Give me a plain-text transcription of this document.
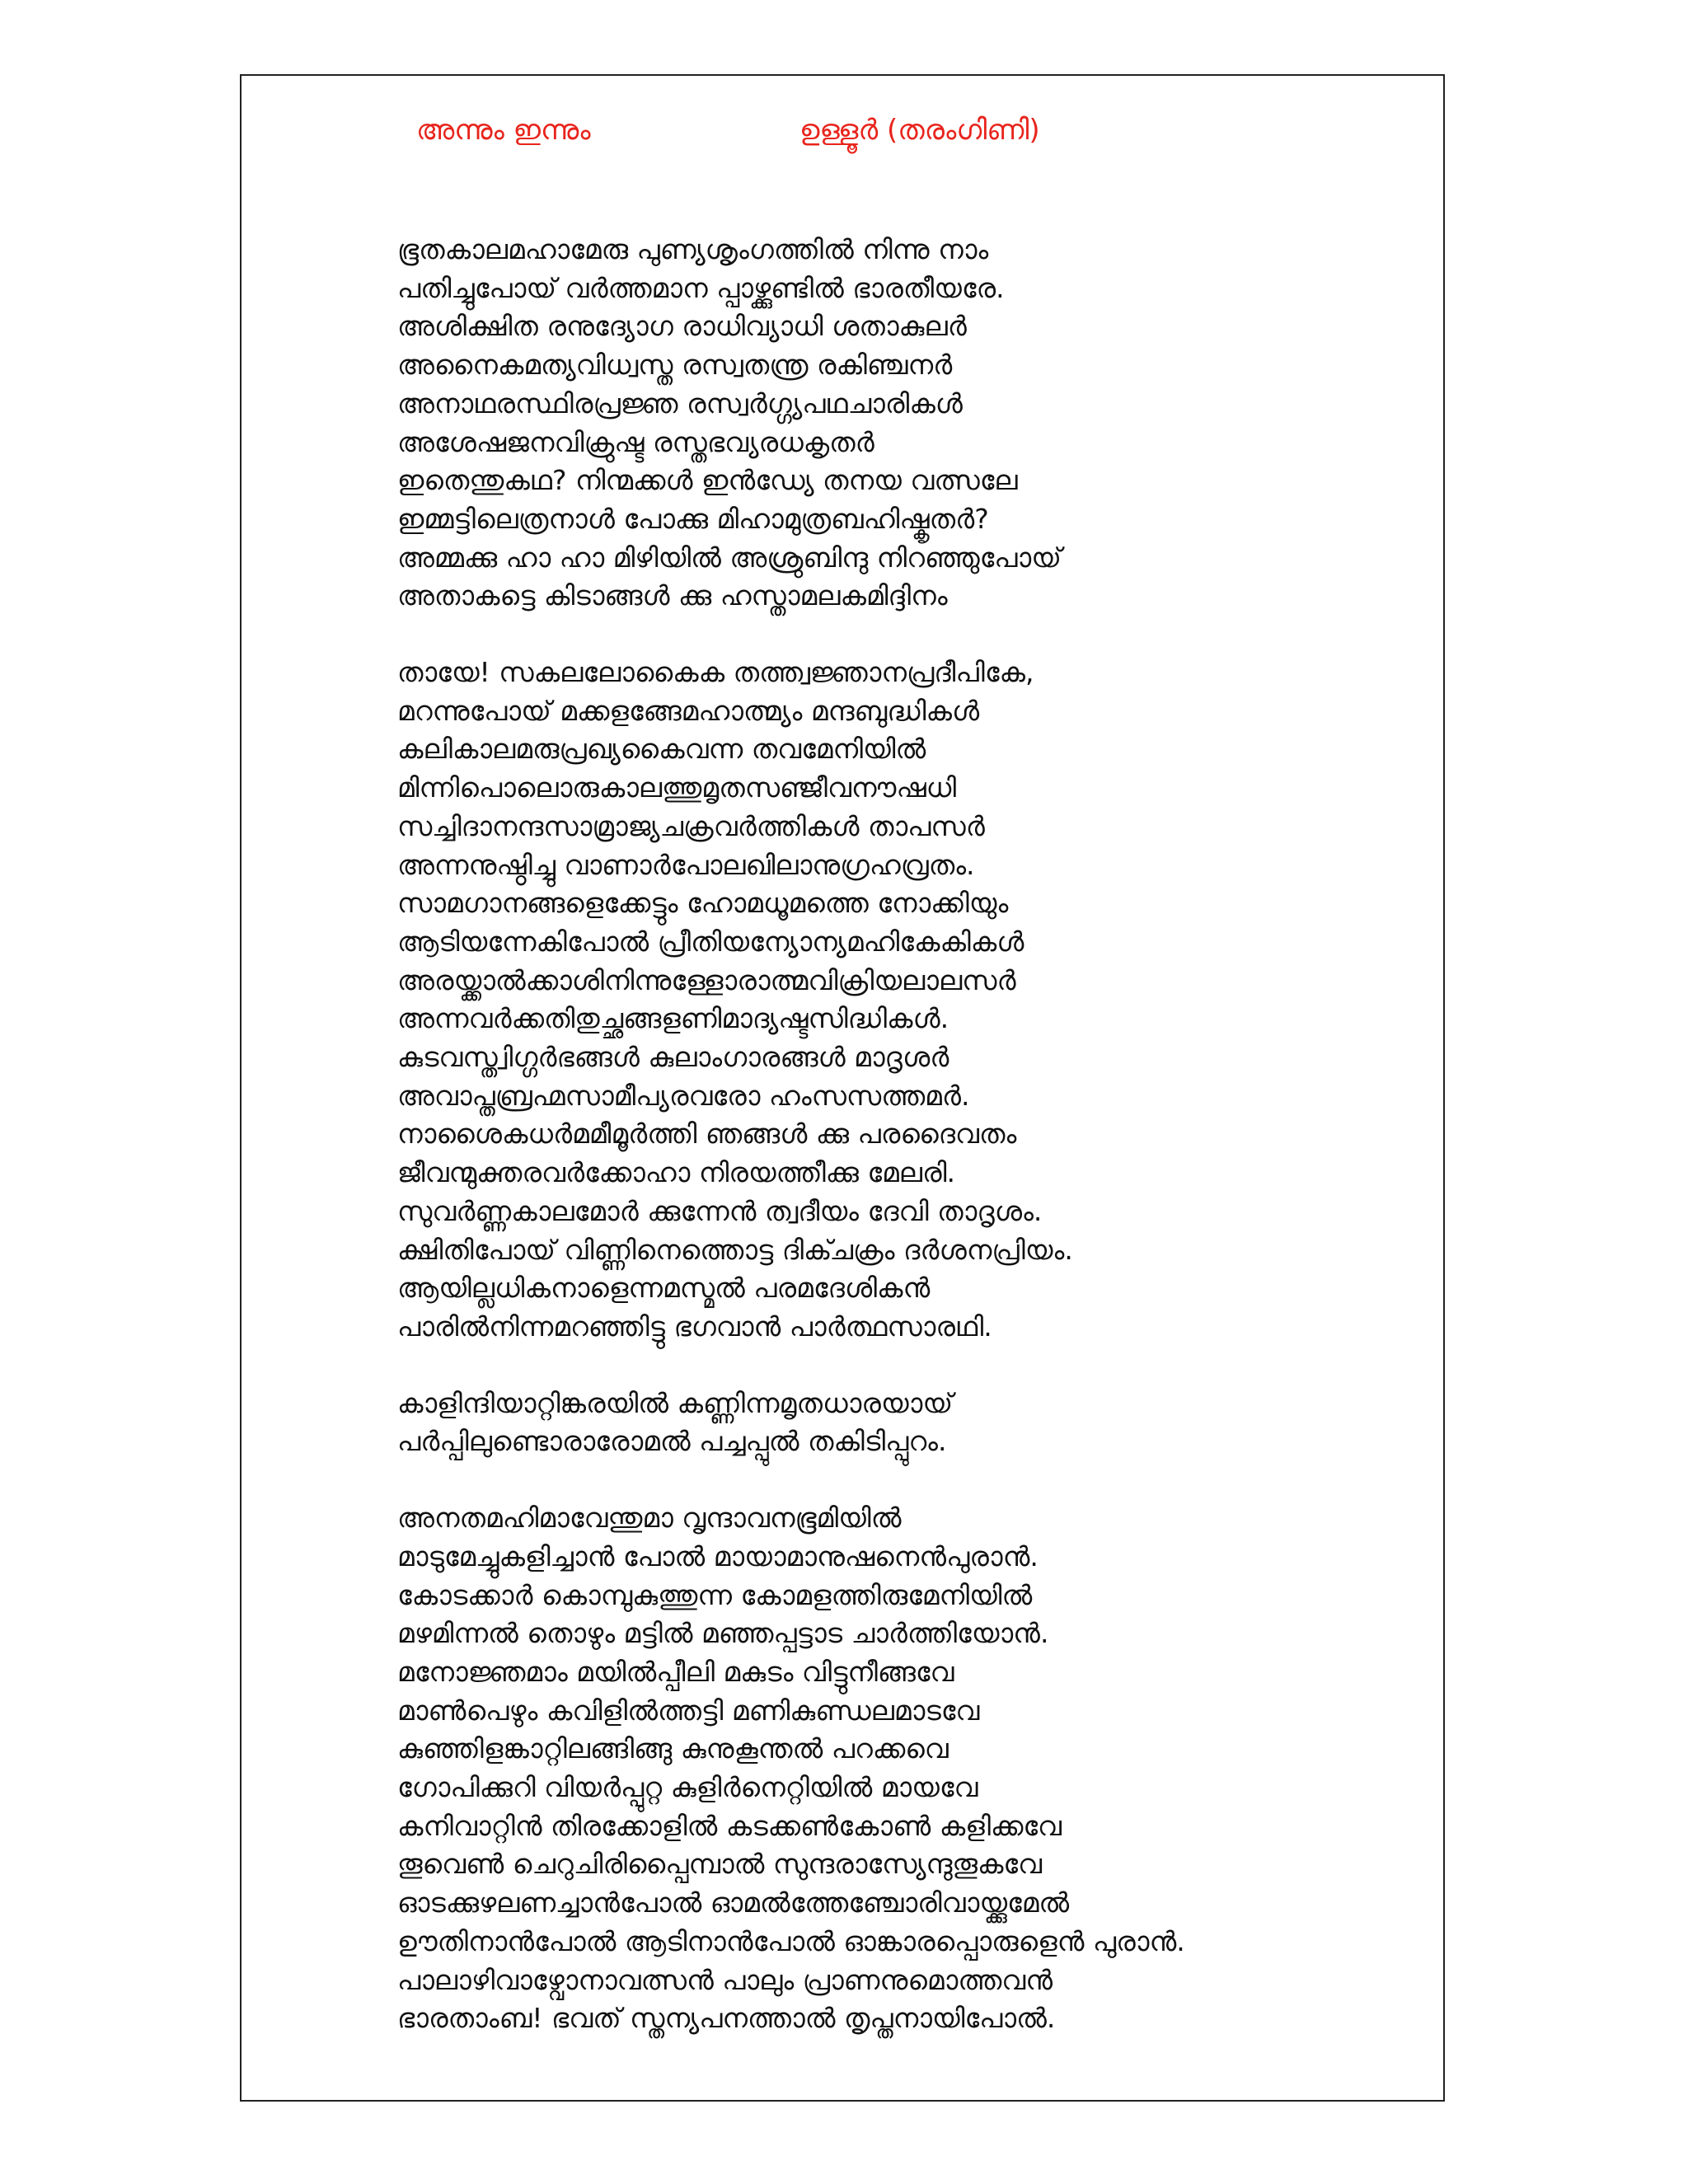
അന്നും ഇന്നും	ഉള്ളൂർ (തരംഗിണി)
ഭൂതകാലമഹാമേരു പുണ്യശൃംഗത്തിൽ നിന്നു നാം
പതിച്ചുപോയ് വർത്തമാന പ്പാഴ്ക്കുണ്ടിൽ ഭാരതീയരേ.
അശിക്ഷിത രനുദ്യോഗ രാധിവ്യാധി ശതാകുലർ
അനൈകമത്യവിധ്വസ്ത രസ്വതന്ത്ര രകിഞ്ചനർ
അനാഥരസ്ഥിരപ്രജ്ഞ രസ്വർഗ്ഗ്യപഥചാരികൾ
അശേഷജനവിക്രുഷ്ട രസ്തഭവ്യരധകൃതർ
ഇതെന്തുകഥ? നിന്മക്കൾ ഇൻഡ്യേ തനയ വത്സലേ
ഇമ്മട്ടിലെത്രനാൾ പോക്കു മിഹാമുത്രബഹിഷ്കൃതർ?
അമ്മക്കു ഹാ ഹാ മിഴിയിൽ അശ്രുബിന്ദു നിറഞ്ഞുപോയ്
അതാകട്ടെ കിടാങ്ങൾ ക്കു ഹസ്താമലകമിദ്ദിനം
തായേ! സകലലോകൈക തത്ത്വജ്ഞാനപ്രദീപികേ,
മറന്നുപോയ് മക്കളങ്ങേമഹാത്മ്യം മന്ദബുദ്ധികൾ
കലികാലമരുപ്രഖ്യകൈവന്ന തവമേനിയിൽ
മിന്നിപൊലൊരുകാലത്തുമൃതസഞ്ജീവനൗഷധി
സച്ചിദാനന്ദസാമ്രാജ്യചക്രവർത്തികൾ താപസർ
അന്നനുഷ്ഠിച്ചു വാണാർപോലഖിലാനുഗ്രഹവ്രതം.
സാമഗാനങ്ങളെക്കേട്ടും ഹോമധൂമത്തെ നോക്കിയും
ആടിയന്നേകിപോൽ പ്രീതിയന്യോന്യമഹികേകികൾ
അരയ്ക്കാൽക്കാശിനിന്നുള്ളോരാത്മവിക്രിയലാലസർ
അന്നവർക്കതിതുച്ഛങ്ങളണിമാദ്യഷ്ടസിദ്ധികൾ.
കുടവസ്ത്വിഗ്ഗർഭങ്ങൾ കുലാംഗാരങ്ങൾ മാദൃശർ
അവാപ്തബ്രഹ്മസാമീപ്യരവരോ ഹംസസത്തമർ.
നാശൈകധർമമീമൂർത്തി ഞങ്ങൾ ക്കു പരദൈവതം
ജീവന്മുക്തരവർക്കോഹാ നിരയത്തീക്കു മേലരി.
സുവർണ്ണകാലമോർ ക്കുന്നേൻ ത്വദീയം ദേവി താദൃശം.
ക്ഷിതിപോയ് വിണ്ണിനെത്തൊട്ട ദിക്ചക്രം ദർശനപ്രിയം.
ആയില്ലധികനാളെന്നമസ്മൽ പരമദേശികൻ
പാരിൽനിന്നമറഞ്ഞിട്ടു ഭഗവാൻ പാർത്ഥസാരഥി.
കാളിന്ദിയാറ്റിങ്കരയിൽ കണ്ണിന്നമൃതധാരയായ്
പർപ്പിലുണ്ടൊരാരോമൽ പച്ചപ്പുൽ തകിടിപ്പുറം.
അനതമഹിമാവേന്തുമാ വൃന്ദാവനഭൂമിയിൽ
മാടുമേച്ചുകളിച്ചാൻ പോൽ മായാമാനുഷനെൻപുരാൻ.
കോടക്കാർ കൊമ്പുകുത്തുന്ന കോമളത്തിരുമേനിയിൽ
മഴമിന്നൽ തൊഴും മട്ടിൽ മഞ്ഞപ്പട്ടാട ചാർത്തിയോൻ.
മനോജ്ഞമാം മയിൽപ്പീലി മകുടം വിട്ടുനീങ്ങവേ
മാൺപെഴും കവിളിൽത്തട്ടി മണികുണ്ഡലമാടവേ
കുഞ്ഞിളങ്കാറ്റിലങ്ങിങ്ങു കുനുകൂന്തൽ പറക്കവെ
ഗോപിക്കുറി വിയർപ്പുറ്റ കുളിർനെറ്റിയിൽ മായവേ
കനിവാറ്റിൻ തിരക്കോളിൽ കടക്കൺകോൺ കളിക്കവേ
തൂവെൺ ചെറുചിരിപ്പൈമ്പാൽ സുന്ദരാസ്യേന്ദുതൂകവേ
ഓടക്കുഴലണച്ചാൻപോൽ ഓമൽത്തേഞ്ചോരിവായ്ക്കുമേൽ
ഊതിനാൻപോൽ ആടിനാൻപോൽ ഓങ്കാരപ്പൊരുളെൻ പുരാൻ.
പാലാഴിവാഴ്വോനാവത്സൻ പാലും പ്രാണനുമൊത്തവൻ
ഭാരതാംബ! ഭവത് സ്തന്യപനത്താൽ തൃപ്തനായിപോൽ.
